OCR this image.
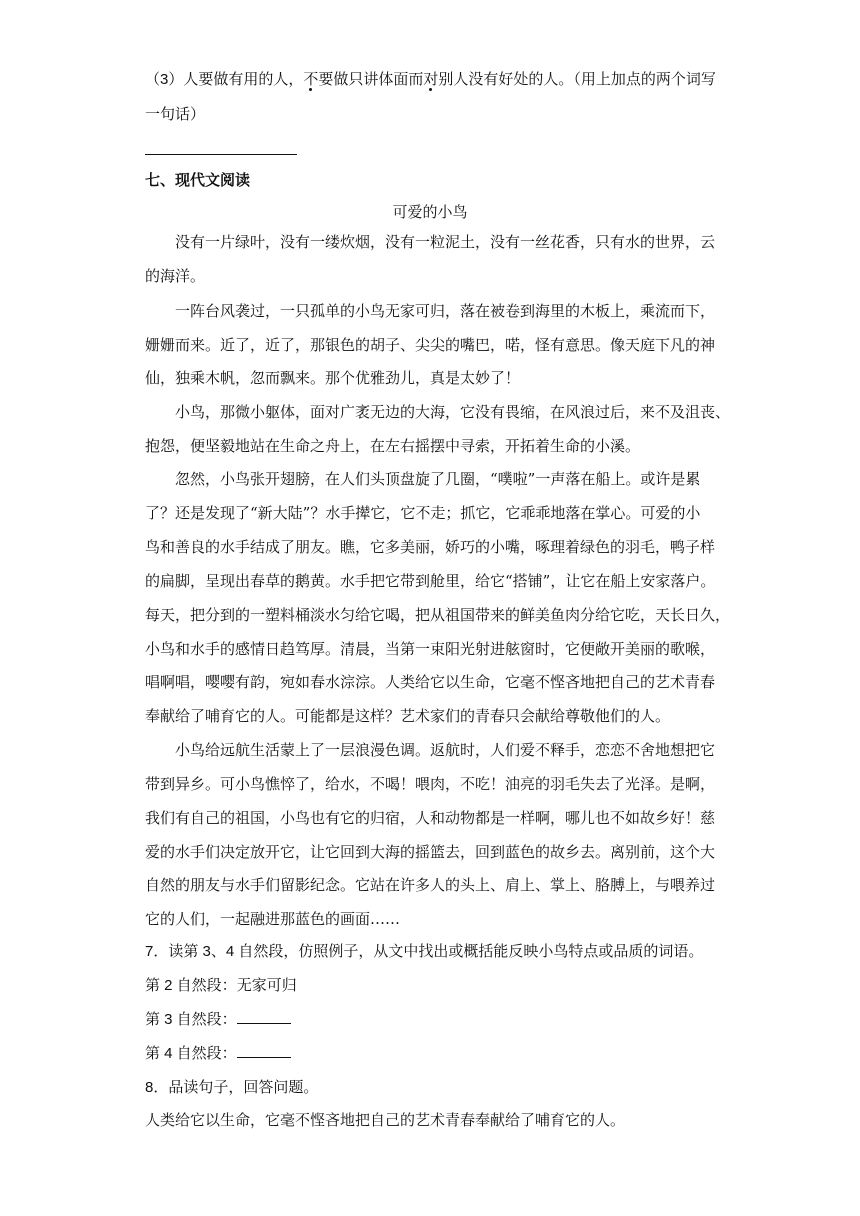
（3）人要做有用的人，不要做只讲体面而对别人没有好处的人。（用上加点的两个词写
一句话）
七、现代文阅读
可爱的小鸟
没有一片绿叶，没有一缕炊烟，没有一粒泥土，没有一丝花香，只有水的世界，云
的海洋。
一阵台风袭过，一只孤单的小鸟无家可归，落在被卷到海里的木板上，乘流而下，
姗姗而来。近了，近了，那银色的胡子、尖尖的嘴巴，喏，怪有意思。像天庭下凡的神
仙，独乘木帆，忽而飘来。那个优雅劲儿，真是太妙了！
小鸟，那微小躯体，面对广袤无边的大海，它没有畏缩，在风浪过后，来不及沮丧、
抱怨，便坚毅地站在生命之舟上，在左右摇摆中寻索，开拓着生命的小溪。
忽然，小鸟张开翅膀，在人们头顶盘旋了几圈，“噗啦”一声落在船上。或许是累
了？还是发现了“新大陆”？水手撵它，它不走；抓它，它乖乖地落在掌心。可爱的小
鸟和善良的水手结成了朋友。瞧，它多美丽，娇巧的小嘴，啄理着绿色的羽毛，鸭子样
的扁脚，呈现出春草的鹅黄。水手把它带到舱里，给它“搭铺”，让它在船上安家落户。
每天，把分到的一塑料桶淡水匀给它喝，把从祖国带来的鲜美鱼肉分给它吃，天长日久，
小鸟和水手的感情日趋笃厚。清晨，当第一束阳光射进舷窗时，它便敞开美丽的歌喉，
唱啊唱，嘤嘤有韵，宛如春水淙淙。人类给它以生命，它毫不悭吝地把自己的艺术青春
奉献给了哺育它的人。可能都是这样？艺术家们的青春只会献给尊敬他们的人。
小鸟给远航生活蒙上了一层浪漫色调。返航时，人们爱不释手，恋恋不舍地想把它
带到异乡。可小鸟憔悴了，给水，不喝！喂肉，不吃！油亮的羽毛失去了光泽。是啊，
我们有自己的祖国，小鸟也有它的归宿，人和动物都是一样啊，哪儿也不如故乡好！慈
爱的水手们决定放开它，让它回到大海的摇篮去，回到蓝色的故乡去。离别前，这个大
自然的朋友与水手们留影纪念。它站在许多人的头上、肩上、掌上、胳膊上，与喂养过
它的人们，一起融进那蓝色的画面……
7．读第 3、4 自然段，仿照例子，从文中找出或概括能反映小鸟特点或品质的词语。
第 2 自然段：无家可归
第 3 自然段：
第 4 自然段：
8．品读句子，回答问题。
人类给它以生命，它毫不悭吝地把自己的艺术青春奉献给了哺育它的人。
